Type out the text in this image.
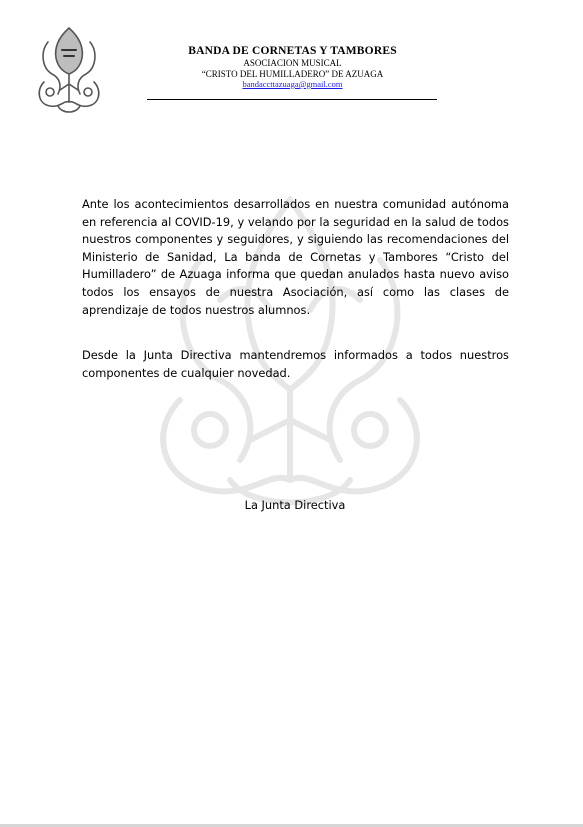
BANDA DE CORNETAS Y TAMBORES
ASOCIACION MUSICAL
“CRISTO DEL HUMILLADERO” DE AZUAGA
bandaccttazuaga@gmail.com
Ante los acontecimientos desarrollados en nuestra comunidad autónoma en referencia al COVID-19, y velando por la seguridad en la salud de todos nuestros componentes y seguidores, y siguiendo las recomendaciones del Ministerio de Sanidad, La banda de Cornetas y Tambores “Cristo del Humilladero” de Azuaga informa que quedan anulados hasta nuevo aviso todos los ensayos de nuestra Asociación, así como las clases de aprendizaje de todos nuestros alumnos.
Desde la Junta Directiva mantendremos informados a todos nuestros componentes de cualquier novedad.
La Junta Directiva
